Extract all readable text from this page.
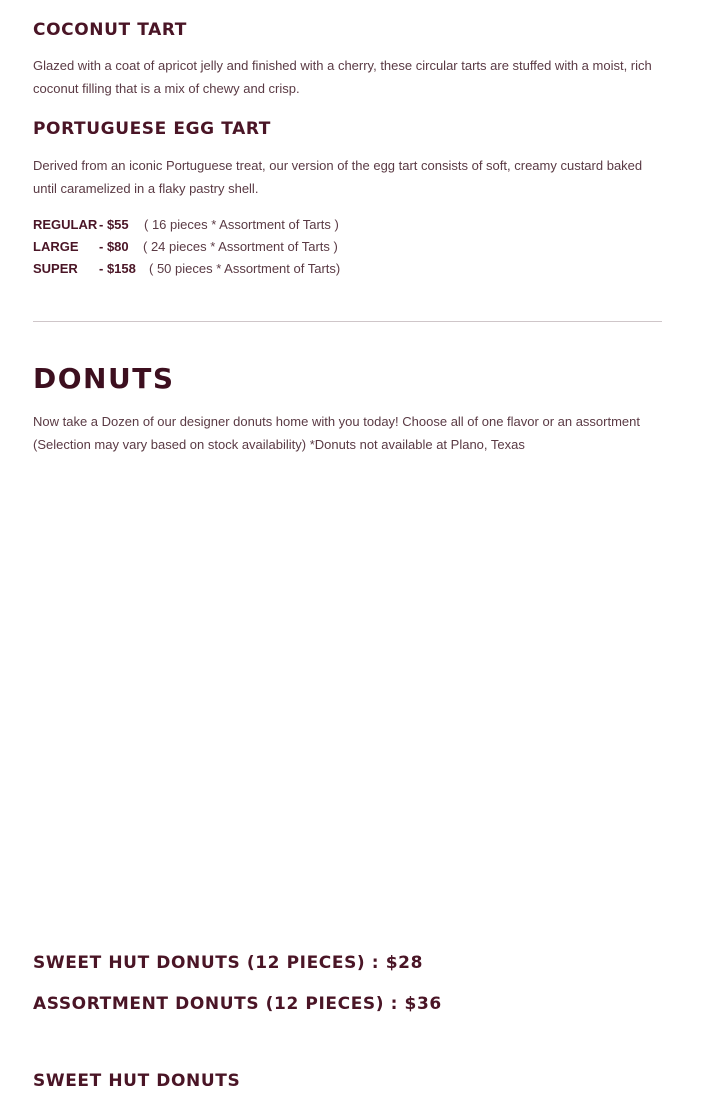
COCONUT TART

Glazed with a coat of apricot jelly and finished with a cherry, these circular tarts are stuffed with a moist, rich coconut filling that is a mix of chewy and crisp.

PORTUGUESE EGG TART

Derived from an iconic Portuguese treat, our version of the egg tart consists of soft, creamy custard baked until caramelized in a flaky pastry shell.

REGULAR - $55 ( 16 pieces * Assortment of Tarts )
LARGE - $80 ( 24 pieces * Assortment of Tarts )
SUPER - $158 ( 50 pieces * Assortment of Tarts)
DONUTS

Now take a Dozen of our designer donuts home with you today! Choose all of one flavor or an assortment (Selection may vary based on stock availability) *Donuts not available at Plano, Texas

SWEET HUT DONUTS (12 PIECES) : $28
ASSORTMENT DONUTS (12 PIECES) : $36
SWEET HUT DONUTS
